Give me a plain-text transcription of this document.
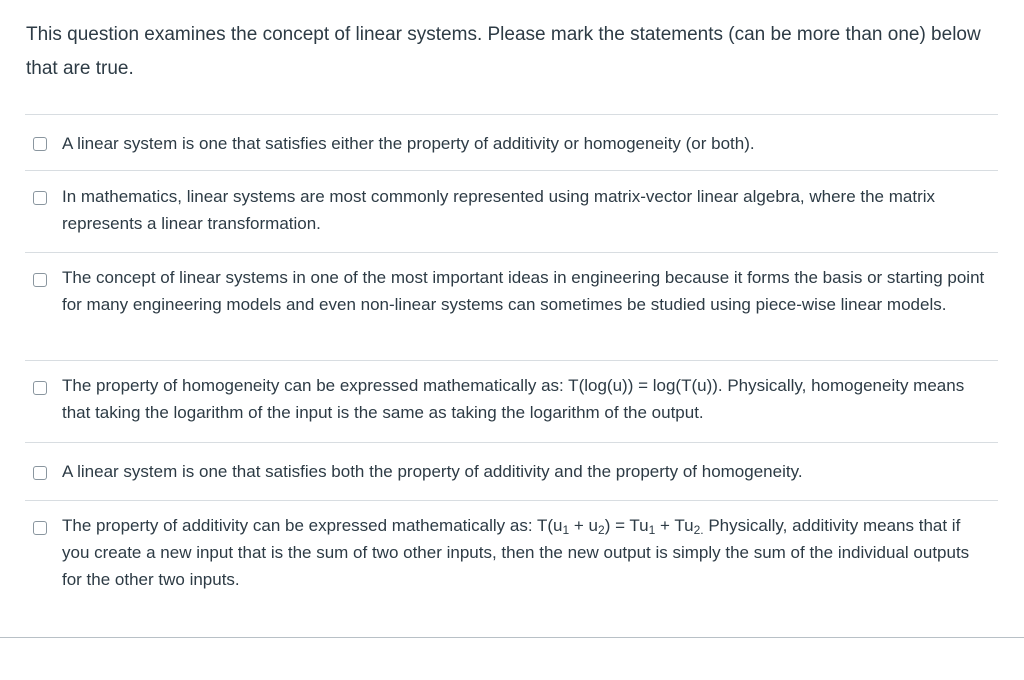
This question examines the concept of linear systems. Please mark the statements (can be more than one) below that are true.

A linear system is one that satisfies either the property of additivity or homogeneity (or both).
In mathematics, linear systems are most commonly represented using matrix-vector linear algebra, where the matrix represents a linear transformation.
The concept of linear systems in one of the most important ideas in engineering because it forms the basis or starting point for many engineering models and even non-linear systems can sometimes be studied using piece-wise linear models.
The property of homogeneity can be expressed mathematically as: T(log(u)) = log(T(u)). Physically, homogeneity means that taking the logarithm of the input is the same as taking the logarithm of the output.
A linear system is one that satisfies both the property of additivity and the property of homogeneity.
The property of additivity can be expressed mathematically as: $T(u_1 + u_2) = Tu_1 + Tu_{2.}$ Physically, additivity means that if you create a new input that is the sum of two other inputs, then the new output is simply the sum of the individual outputs for the other two inputs.
